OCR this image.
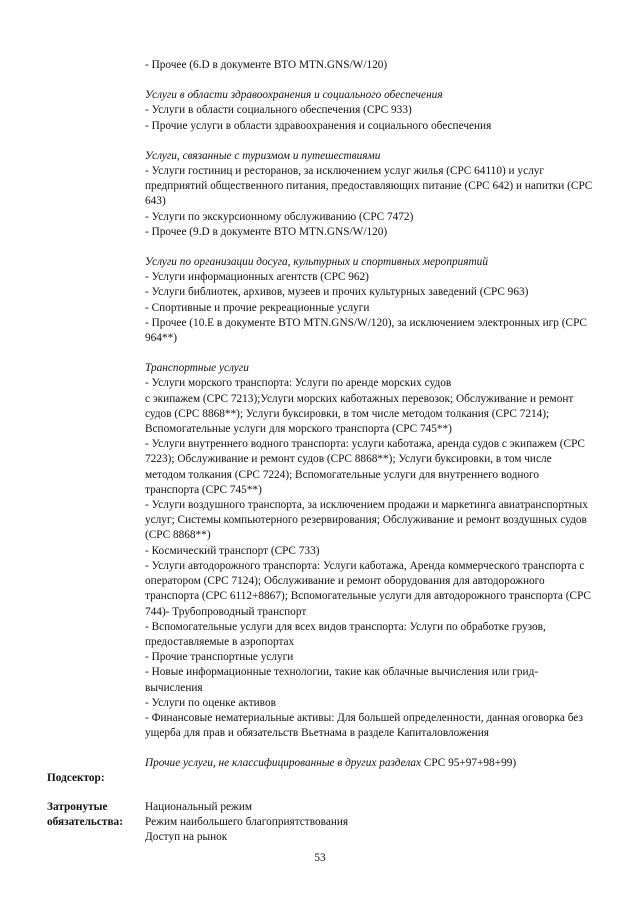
- Прочее (6.D в документе ВТО MTN.GNS/W/120)
Услуги в области здравоохранения и социального обеспечения
- Услуги в области социального обеспечения (CPC 933)
- Прочие услуги в области здравоохранения и социального обеспечения
Услуги, связанные с туризмом и путешествиями
- Услуги гостиниц и ресторанов, за исключением услуг жилья (CPC 64110) и услуг предприятий общественного питания, предоставляющих питание (CPC 642) и напитки (CPC 643)
- Услуги по экскурсионному обслуживанию (CPC 7472)
- Прочее (9.D в документе ВТО MTN.GNS/W/120)
Услуги по организации досуга, культурных и спортивных мероприятий
- Услуги информационных агентств (CPC 962)
- Услуги библиотек, архивов, музеев и прочих культурных заведений (CPC 963)
- Спортивные и прочие рекреационные услуги
- Прочее (10.E в документе ВТО MTN.GNS/W/120), за исключением электронных игр (CPC 964**)
Транспортные услуги
- Услуги морского транспорта: Услуги по аренде морских судов
с экипажем (CPC 7213);Услуги морских каботажных перевозок; Обслуживание и ремонт судов (CPC 8868**); Услуги буксировки, в том числе методом толкания (CPC 7214); Вспомогательные услуги для морского транспорта (CPC 745**)
- Услуги внутреннего водного транспорта: услуги каботажа, аренда судов с экипажем (CPC 7223); Обслуживание и ремонт судов (CPC 8868**); Услуги буксировки, в том числе методом толкания (CPC 7224); Вспомогательные услуги для внутреннего водного транспорта (CPC 745**)
- Услуги воздушного транспорта, за исключением продажи и маркетинга авиатранспортных услуг; Системы компьютерного резервирования; Обслуживание и ремонт воздушных судов (CPC 8868**)
- Космический транспорт (CPC 733)
- Услуги автодорожного транспорта: Услуги каботажа, Аренда коммерческого транспорта с оператором (CPC 7124); Обслуживание и ремонт оборудования для автодорожного транспорта (CPC 6112+8867); Вспомогательные услуги для автодорожного транспорта (CPC 744)- Трубопроводный транспорт
- Вспомогательные услуги для всех видов транспорта: Услуги по обработке грузов, предоставляемые в аэропортах
- Прочие транспортные услуги
- Новые информационные технологии, такие как облачные вычисления или грид-вычисления
- Услуги по оценке активов
- Финансовые нематериальные активы: Для большей определенности, данная оговорка без ущерба для прав и обязательств Вьетнама в разделе Капиталовложения
Прочие услуги, не классифицированные в других разделах CPC 95+97+98+99)
Подсектор:
Затронутые
обязательства:
Национальный режим
Режим наибольшего благоприятствования
Доступ на рынок
53
